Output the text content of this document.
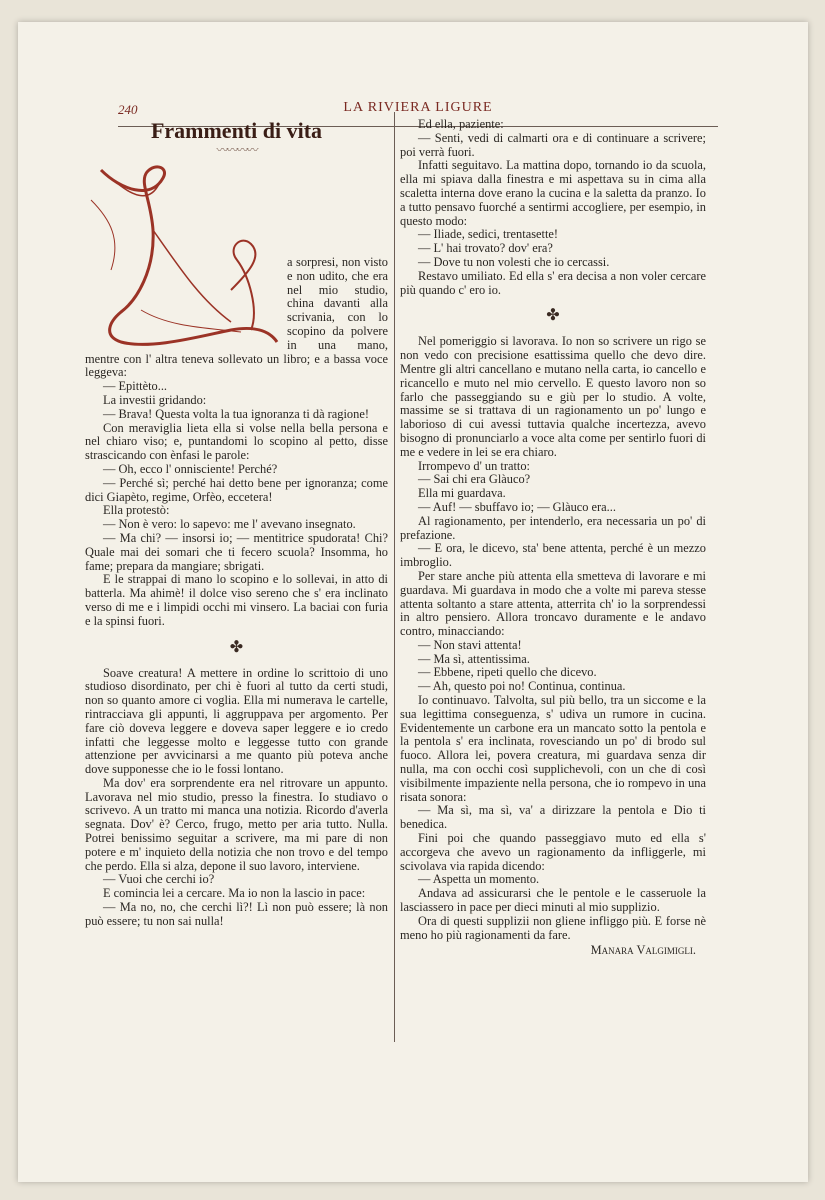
240	LA RIVIERA LIGURE
Frammenti di vita
〰〰〰〰

a sorpresi, non visto e non udito, che era nel mio studio, china davanti alla scrivania, con lo scopino da polvere in una mano, mentre con l' altra teneva sollevato un libro; e a bassa voce leggeva:

— Epittèto...

La investii gridando:

— Brava! Questa volta la tua ignoranza ti dà ragione!

Con meraviglia lieta ella si volse nella bella persona e nel chiaro viso; e, puntandomi lo scopino al petto, disse strascicando con ènfasi le parole:

— Oh, ecco l' onnisciente! Perché?

— Perché sì; perché hai detto bene per ignoranza; come dici Giapèto, regime, Orfèo, eccetera!

Ella protestò:

— Non è vero: lo sapevo: me l' avevano insegnato.

— Ma chi? — insorsi io; — mentitrice spudorata! Chi? Quale mai dei somari che ti fecero scuola? Insomma, ho fame; prepara da mangiare; sbrigati.

E le strappai di mano lo scopino e lo sollevai, in atto di batterla. Ma ahimè! il dolce viso sereno che s' era inclinato verso di me e i limpidi occhi mi vinsero. La baciai con furia e la spinsi fuori.

✤

Soave creatura! A mettere in ordine lo scrittoio di uno studioso disordinato, per chi è fuori al tutto da certi studi, non so quanto amore ci voglia. Ella mi numerava le cartelle, rintracciava gli appunti, li aggruppava per argomento. Per fare ciò doveva leggere e doveva saper leggere e io credo infatti che leggesse molto e leggesse tutto con grande attenzione per avvicinarsi a me quanto più poteva anche dove supponesse che io le fossi lontano.

Ma dov' era sorprendente era nel ritrovare un appunto. Lavorava nel mio studio, presso la finestra. Io studiavo o scrivevo. A un tratto mi manca una notizia. Ricordo d'averla segnata. Dov' è? Cerco, frugo, metto per aria tutto. Nulla. Potrei benissimo seguitar a scrivere, ma mi pare di non potere e m' inquieto della notizia che non trovo e del tempo che perdo. Ella si alza, depone il suo lavoro, interviene.

— Vuoi che cerchi io?

E comincia lei a cercare. Ma io non la lascio in pace:

— Ma no, no, che cerchi lì?! Lì non può essere; là non può essere; tu non sai nulla!

Ed ella, paziente:

— Senti, vedi di calmarti ora e di continuare a scrivere; poi verrà fuori.

Infatti seguitavo. La mattina dopo, tornando io da scuola, ella mi spiava dalla finestra e mi aspettava su in cima alla scaletta interna dove erano la cucina e la saletta da pranzo. Io a tutto pensavo fuorché a sentirmi accogliere, per esempio, in questo modo:

— Iliade, sedici, trentasette!

— L' hai trovato? dov' era?

— Dove tu non volesti che io cercassi.

Restavo umiliato. Ed ella s' era decisa a non voler cercare più quando c' ero io.

✤

Nel pomeriggio si lavorava. Io non so scrivere un rigo se non vedo con precisione esattissima quello che devo dire. Mentre gli altri cancellano e mutano nella carta, io cancello e ricancello e muto nel mio cervello. E questo lavoro non so farlo che passeggiando su e giù per lo studio. A volte, massime se si trattava di un ragionamento un po' lungo e laborioso di cui avessi tuttavia qualche incertezza, avevo bisogno di pronunciarlo a voce alta come per sentirlo fuori di me e vedere in lei se era chiaro.

Irrompevo d' un tratto:

— Sai chi era Glàuco?

Ella mi guardava.

— Auf! — sbuffavo io; — Glàuco era...

Al ragionamento, per intenderlo, era necessaria un po' di prefazione.

— E ora, le dicevo, sta' bene attenta, perché è un mezzo imbroglio.

Per stare anche più attenta ella smetteva di lavorare e mi guardava. Mi guardava in modo che a volte mi pareva stesse attenta soltanto a stare attenta, atterrita ch' io la sorprendessi in altro pensiero. Allora troncavo duramente e le andavo contro, minacciando:

— Non stavi attenta!

— Ma sì, attentissima.

— Ebbene, ripeti quello che dicevo.

— Ah, questo poi no! Continua, continua.

Io continuavo. Talvolta, sul più bello, tra un siccome e la sua legittima conseguenza, s' udiva un rumore in cucina. Evidentemente un carbone era un mancato sotto la pentola e la pentola s' era inclinata, rovesciando un po' di brodo sul fuoco. Allora lei, povera creatura, mi guardava senza dir nulla, ma con occhi così supplichevoli, con un che di così visibilmente impaziente nella persona, che io rompevo in una risata sonora:

— Ma sì, ma sì, va' a dirizzare la pentola e Dio ti benedica.

Fini poi che quando passeggiavo muto ed ella s' accorgeva che avevo un ragionamento da infliggerle, mi scivolava via rapida dicendo:

— Aspetta un momento.

Andava ad assicurarsi che le pentole e le casseruole la lasciassero in pace per dieci minuti al mio supplizio.

Ora di questi supplizii non gliene infliggo più. E forse nè meno ho più ragionamenti da fare.

Manara Valgimigli.
